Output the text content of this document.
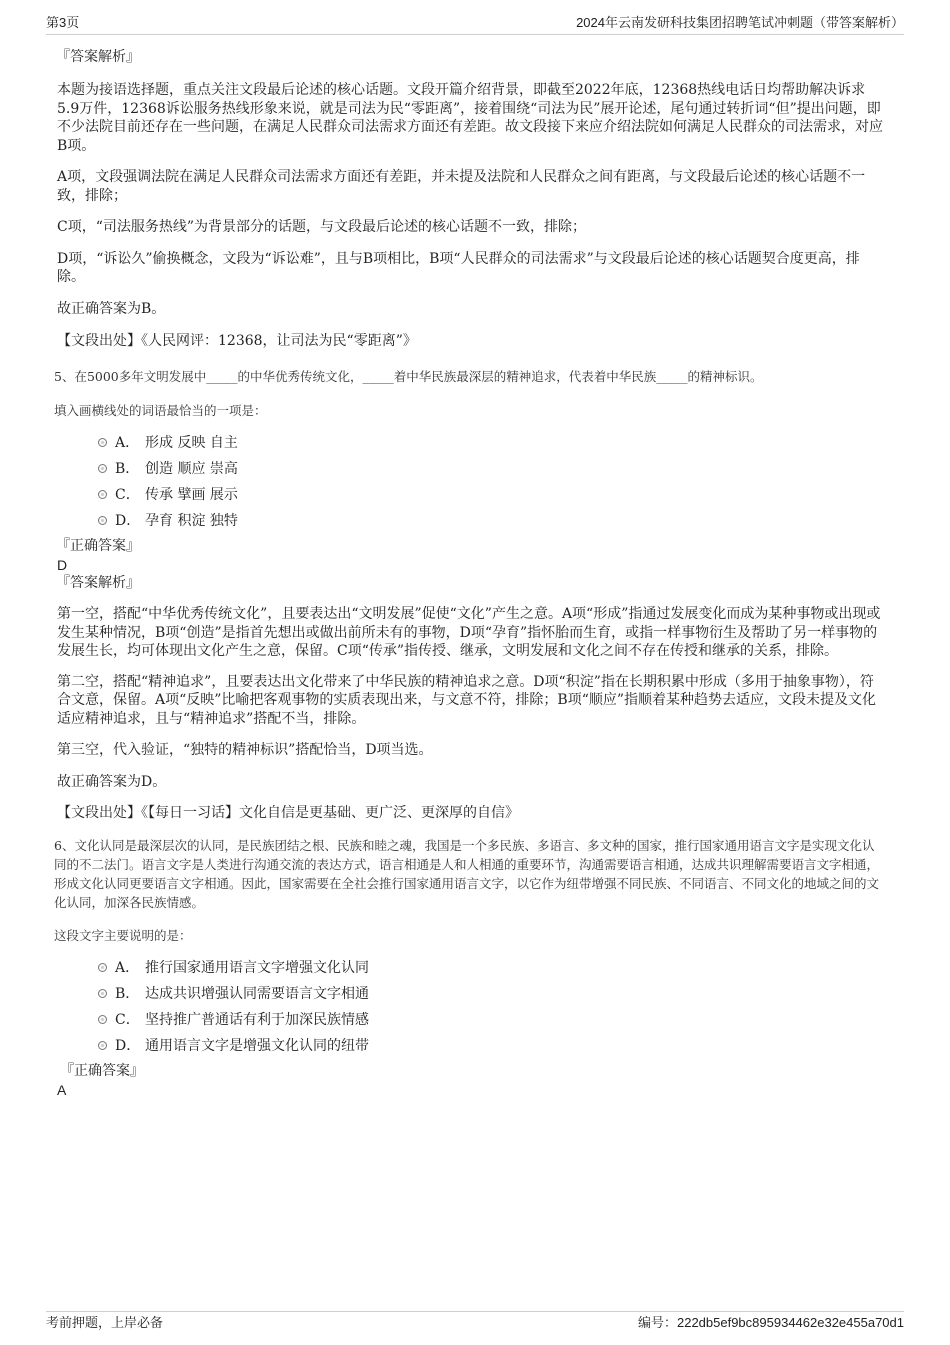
第3页	2024年云南发研科技集团招聘笔试冲刺题（带答案解析）

『答案解析』

本题为接语选择题，重点关注文段最后论述的核心话题。文段开篇介绍背景，即截至2022年底，12368热线电话日均帮助解决诉求5.9万件，12368诉讼服务热线形象来说，就是司法为民“零距离”，接着围绕“司法为民”展开论述，尾句通过转折词“但”提出问题，即不少法院目前还存在一些问题，在满足人民群众司法需求方面还有差距。故文段接下来应介绍法院如何满足人民群众的司法需求，对应B项。

A项，文段强调法院在满足人民群众司法需求方面还有差距，并未提及法院和人民群众之间有距离，与文段最后论述的核心话题不一致，排除；

C项，“司法服务热线”为背景部分的话题，与文段最后论述的核心话题不一致，排除；

D项，“诉讼久”偷换概念，文段为“诉讼难”，且与B项相比，B项“人民群众的司法需求”与文段最后论述的核心话题契合度更高，排除。

故正确答案为B。

【文段出处】《人民网评：12368，让司法为民“零距离”》

5、在5000多年文明发展中_____的中华优秀传统文化，_____着中华民族最深层的精神追求，代表着中华民族_____的精神标识。

填入画横线处的词语最恰当的一项是：

A． 形成 反映 自主
B． 创造 顺应 崇高
C． 传承 擘画 展示
D． 孕育 积淀 独特

『正确答案』

D

『答案解析』

第一空，搭配“中华优秀传统文化”，且要表达出“文明发展”促使“文化”产生之意。A项“形成”指通过发展变化而成为某种事物或出现或发生某种情况，B项“创造”是指首先想出或做出前所未有的事物，D项“孕育”指怀胎而生育，或指一样事物衍生及帮助了另一样事物的发展生长，均可体现出文化产生之意，保留。C项“传承”指传授、继承，文明发展和文化之间不存在传授和继承的关系，排除。

第二空，搭配“精神追求”，且要表达出文化带来了中华民族的精神追求之意。D项“积淀”指在长期积累中形成（多用于抽象事物），符合文意，保留。A项“反映”比喻把客观事物的实质表现出来，与文意不符，排除；B项“顺应”指顺着某种趋势去适应，文段未提及文化适应精神追求，且与“精神追求”搭配不当，排除。

第三空，代入验证，“独特的精神标识”搭配恰当，D项当选。

故正确答案为D。

【文段出处】《【每日一习话】文化自信是更基础、更广泛、更深厚的自信》

6、文化认同是最深层次的认同，是民族团结之根、民族和睦之魂，我国是一个多民族、多语言、多文种的国家，推行国家通用语言文字是实现文化认同的不二法门。语言文字是人类进行沟通交流的表达方式，语言相通是人和人相通的重要环节，沟通需要语言相通，达成共识理解需要语言文字相通，形成文化认同更要语言文字相通。因此，国家需要在全社会推行国家通用语言文字，以它作为纽带增强不同民族、不同语言、不同文化的地域之间的文化认同，加深各民族情感。

这段文字主要说明的是：

A． 推行国家通用语言文字增强文化认同
B． 达成共识增强认同需要语言文字相通
C． 坚持推广普通话有利于加深民族情感
D． 通用语言文字是增强文化认同的纽带

『正确答案』

A

考前押题，上岸必备	编号：222db5ef9bc895934462e32e455a70d1
